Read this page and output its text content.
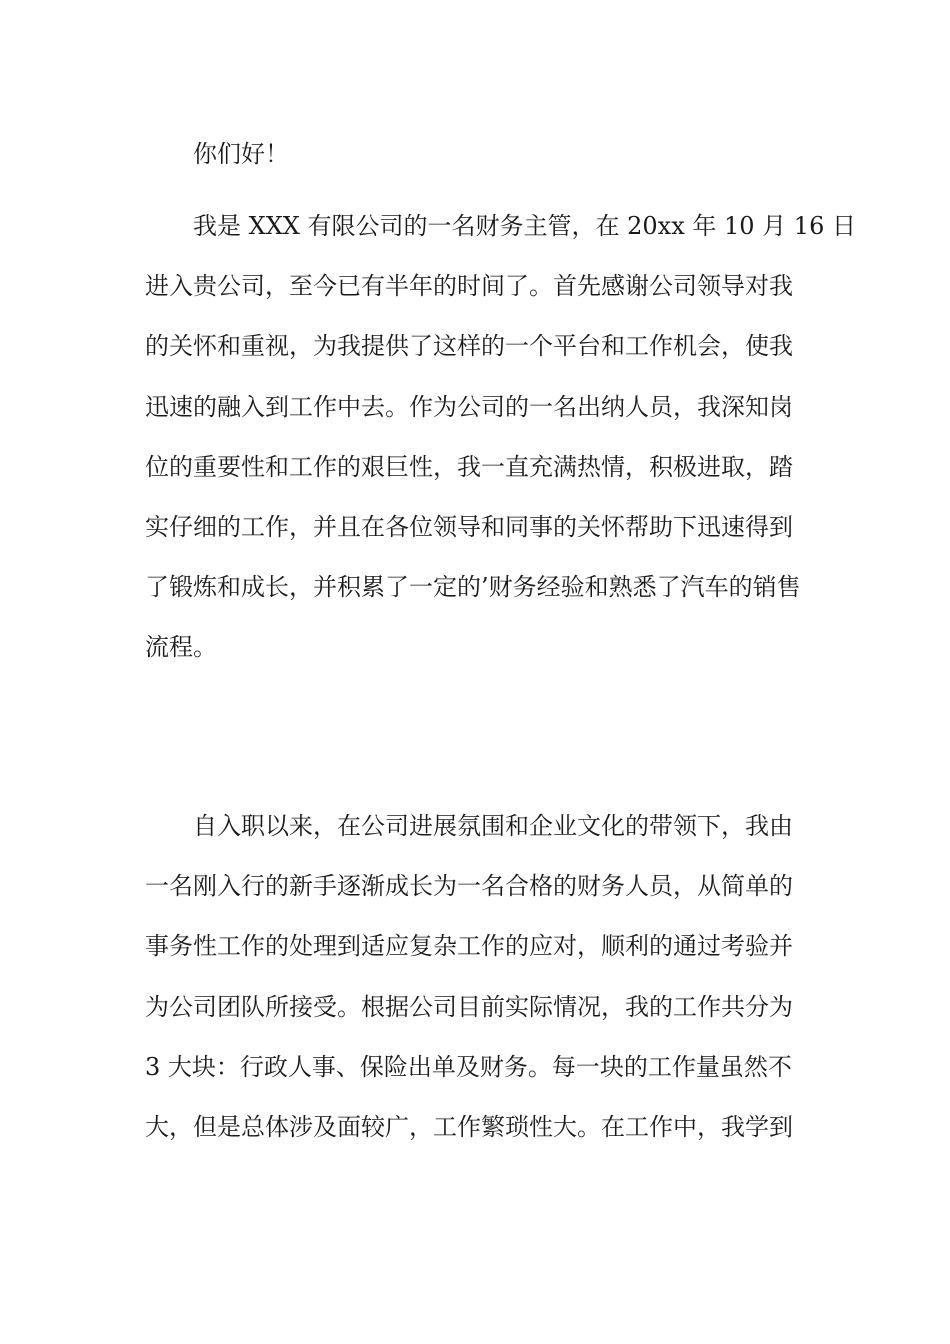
你们好！
我是 XXX 有限公司的一名财务主管，在 20xx 年 10 月 16 日
进入贵公司，至今已有半年的时间了。首先感谢公司领导对我
的关怀和重视，为我提供了这样的一个平台和工作机会，使我
迅速的融入到工作中去。作为公司的一名出纳人员，我深知岗
位的重要性和工作的艰巨性，我一直充满热情，积极进取，踏
实仔细的工作，并且在各位领导和同事的关怀帮助下迅速得到
了锻炼和成长，并积累了一定的’财务经验和熟悉了汽车的销售
流程。
自入职以来，在公司进展氛围和企业文化的带领下，我由
一名刚入行的新手逐渐成长为一名合格的财务人员，从简单的
事务性工作的处理到适应复杂工作的应对，顺利的通过考验并
为公司团队所接受。根据公司目前实际情况，我的工作共分为
3 大块：行政人事、保险出单及财务。每一块的工作量虽然不
大，但是总体涉及面较广，工作繁琐性大。在工作中，我学到
